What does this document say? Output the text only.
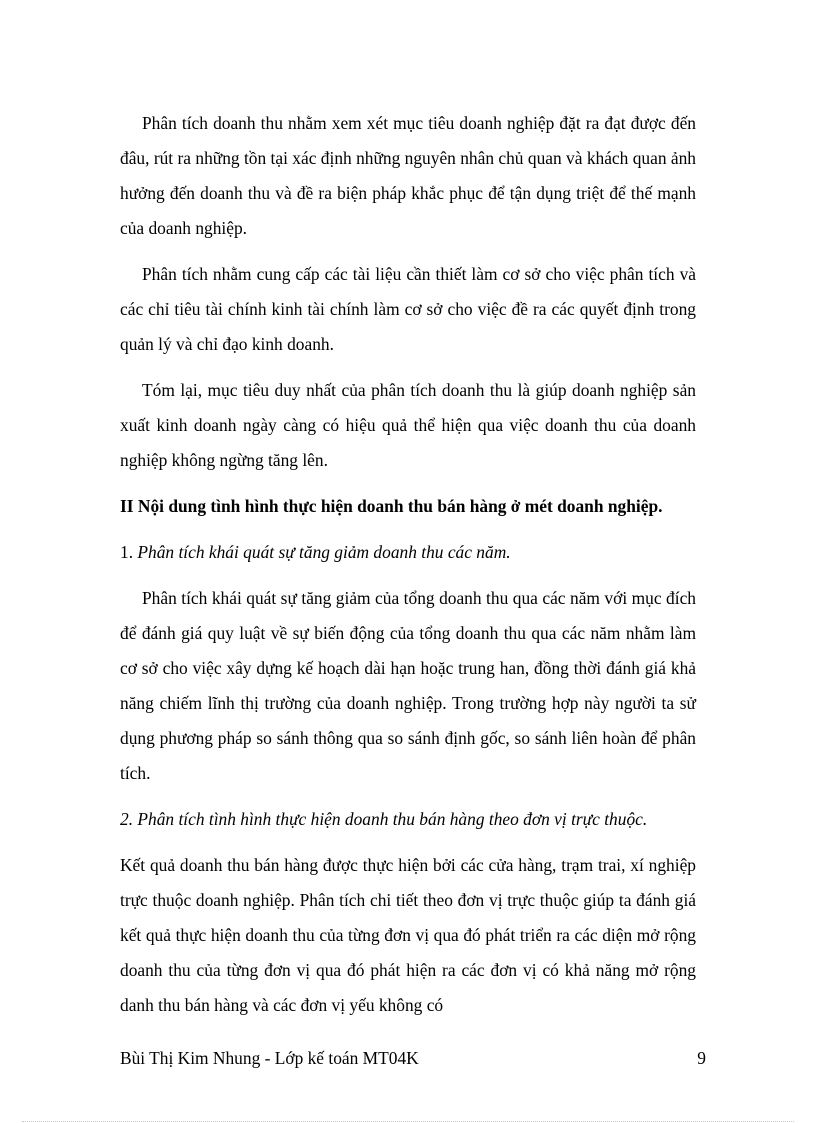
Phân tích doanh thu nhằm xem xét mục tiêu doanh nghiệp đặt ra đạt được đến đâu, rút ra những tồn tại xác định những nguyên nhân chủ quan và khách quan ảnh hưởng đến doanh thu và đề ra biện pháp khắc phục để tận dụng triệt để thế mạnh của doanh nghiệp.

Phân tích nhằm cung cấp các tài liệu cần thiết làm cơ sở cho việc phân tích và các chỉ tiêu tài chính kinh tài chính làm cơ sở cho việc đề ra các quyết định trong quản lý và chỉ đạo kinh doanh.

Tóm lại, mục tiêu duy nhất của phân tích doanh thu là giúp doanh nghiệp sản xuất kinh doanh ngày càng có hiệu quả thể hiện qua việc doanh thu của doanh nghiệp không ngừng tăng lên.

II Nội dung tình hình thực hiện doanh thu bán hàng ở mét doanh nghiệp.

1. Phân tích khái quát sự tăng giảm doanh thu các năm.

Phân tích khái quát sự tăng giảm của tổng doanh thu qua các năm với mục đích để đánh giá quy luật về sự biến động của tổng doanh thu qua các năm nhằm làm cơ sở cho việc xây dựng kế hoạch dài hạn hoặc trung han, đồng thời đánh giá khả năng chiếm lĩnh thị trường của doanh nghiệp. Trong trường hợp này người ta sử dụng phương pháp so sánh thông qua so sánh định gốc, so sánh liên hoàn để phân tích.

2. Phân tích tình hình thực hiện doanh thu bán hàng theo đơn vị trực thuộc.

Kết quả doanh thu bán hàng được thực hiện bởi các cửa hàng, trạm trai, xí nghiệp trực thuộc doanh nghiệp. Phân tích chi tiết theo đơn vị trực thuộc giúp ta đánh giá kết quả thực hiện doanh thu của từng đơn vị qua đó phát triển ra các diện mở rộng doanh thu của từng đơn vị qua đó phát hiện ra các đơn vị có khả năng mở rộng danh thu bán hàng và các đơn vị yếu không có

Bùi Thị Kim Nhung - Lớp kế toán MT04K	9
